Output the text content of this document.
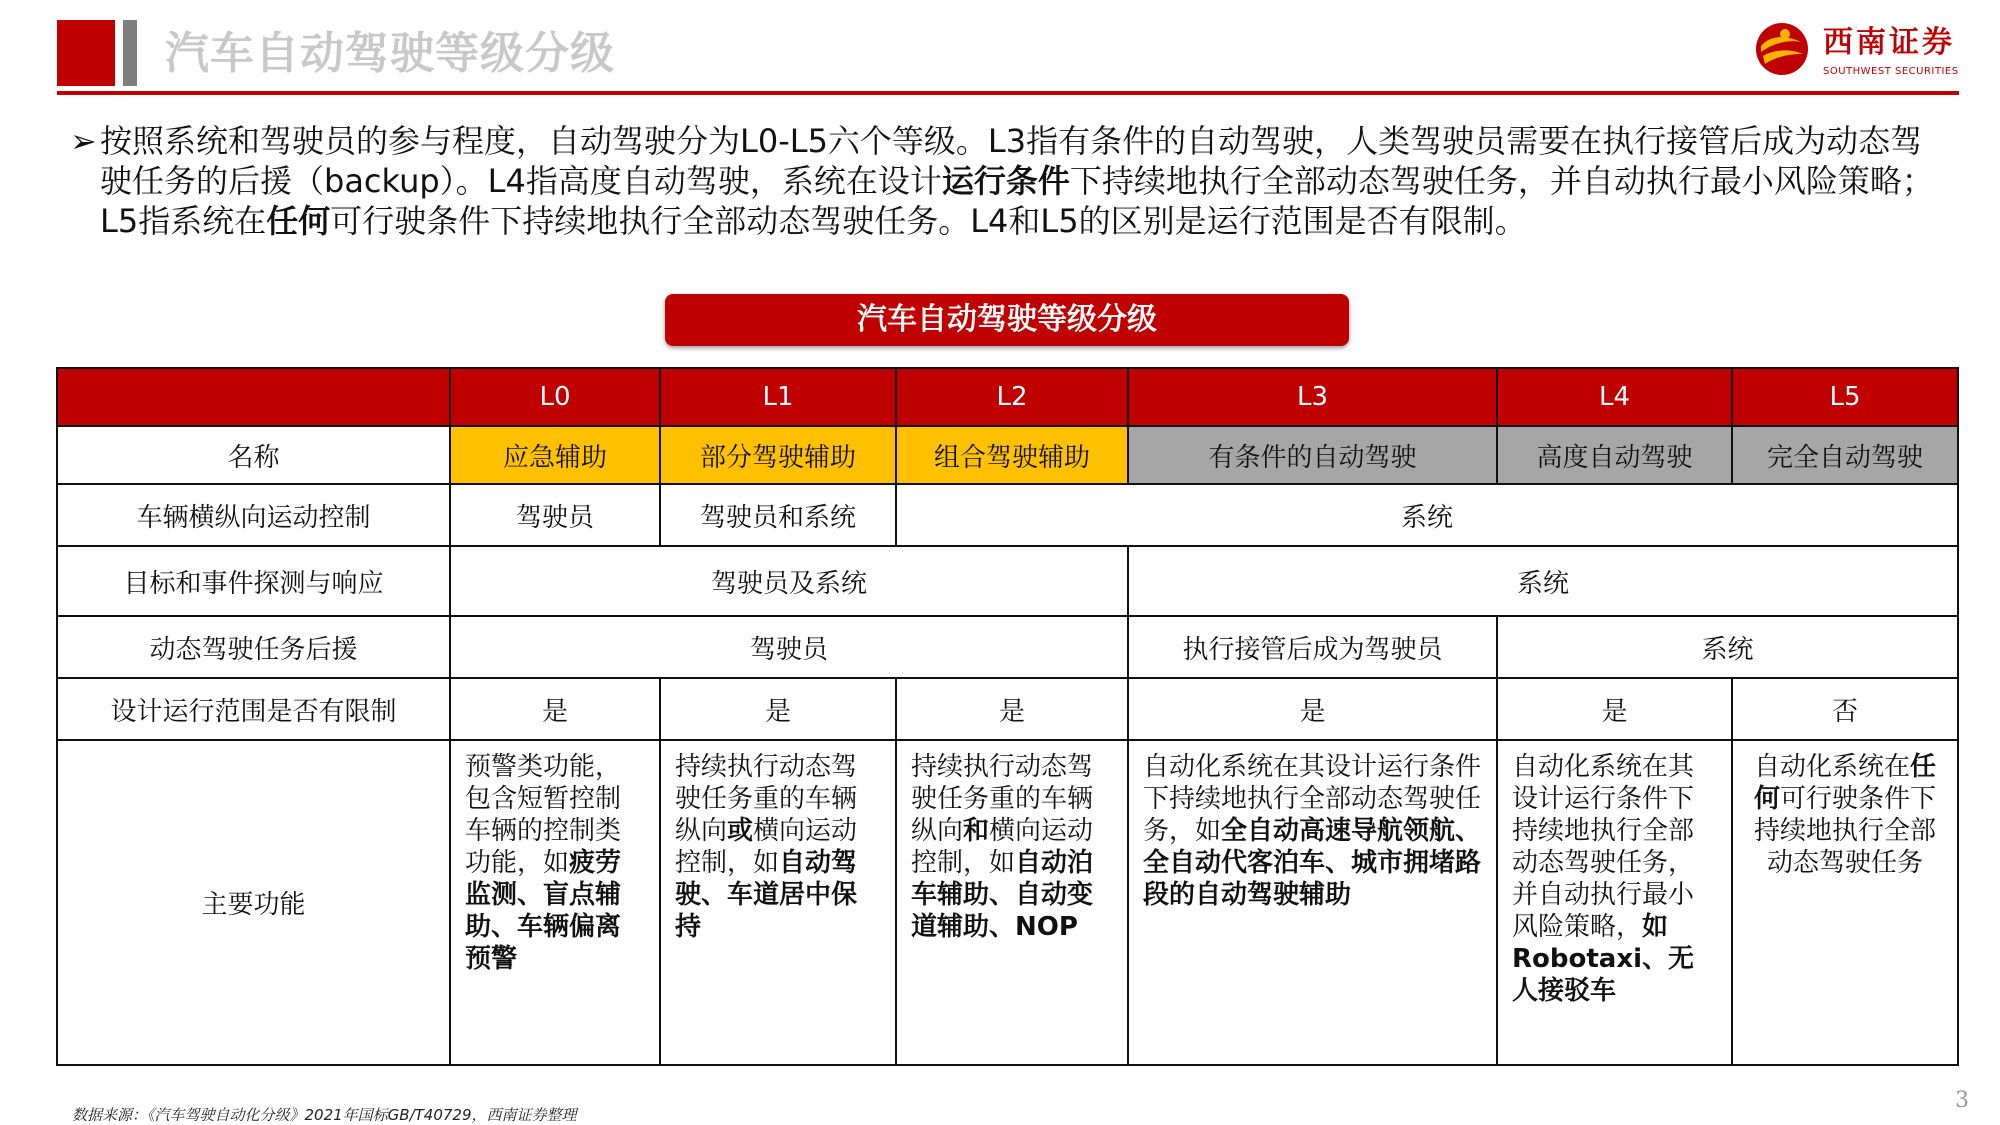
汽车自动驾驶等级分级	西南证券
SOUTHWEST SECURITIES
➢ 按照系统和驾驶员的参与程度，自动驾驶分为L0-L5六个等级。L3指有条件的自动驾驶，人类驾驶员需要在执行接管后成为动态驾驶任务的后援（backup）。L4指高度自动驾驶，系统在设计运行条件下持续地执行全部动态驾驶任务，并自动执行最小风险策略；L5指系统在任何可行驶条件下持续地执行全部动态驾驶任务。L4和L5的区别是运行范围是否有限制。
汽车自动驾驶等级分级
	L0	L1	L2	L3	L4	L5
名称	应急辅助	部分驾驶辅助	组合驾驶辅助	有条件的自动驾驶	高度自动驾驶	完全自动驾驶
车辆横纵向运动控制	驾驶员	驾驶员和系统	系统			
目标和事件探测与响应	驾驶员及系统			系统		
动态驾驶任务后援	驾驶员			执行接管后成为驾驶员	系统	
设计运行范围是否有限制	是	是	是	是	是	否
主要功能	预警类功能，包含短暂控制车辆的控制类功能，如疲劳监测、盲点辅助、车辆偏离预警	持续执行动态驾驶任务重的车辆纵向或横向运动控制，如自动驾驶、车道居中保持	持续执行动态驾驶任务重的车辆纵向和横向运动控制，如自动泊车辅助、自动变道辅助、NOP	自动化系统在其设计运行条件下持续地执行全部动态驾驶任务，如全自动高速导航领航、全自动代客泊车、城市拥堵路段的自动驾驶辅助	自动化系统在其设计运行条件下持续地执行全部动态驾驶任务，并自动执行最小风险策略，如Robotaxi、无人接驳车	自动化系统在任何可行驶条件下持续地执行全部动态驾驶任务
数据来源：《汽车驾驶自动化分级》2021年国标GB/T40729，西南证券整理
3
